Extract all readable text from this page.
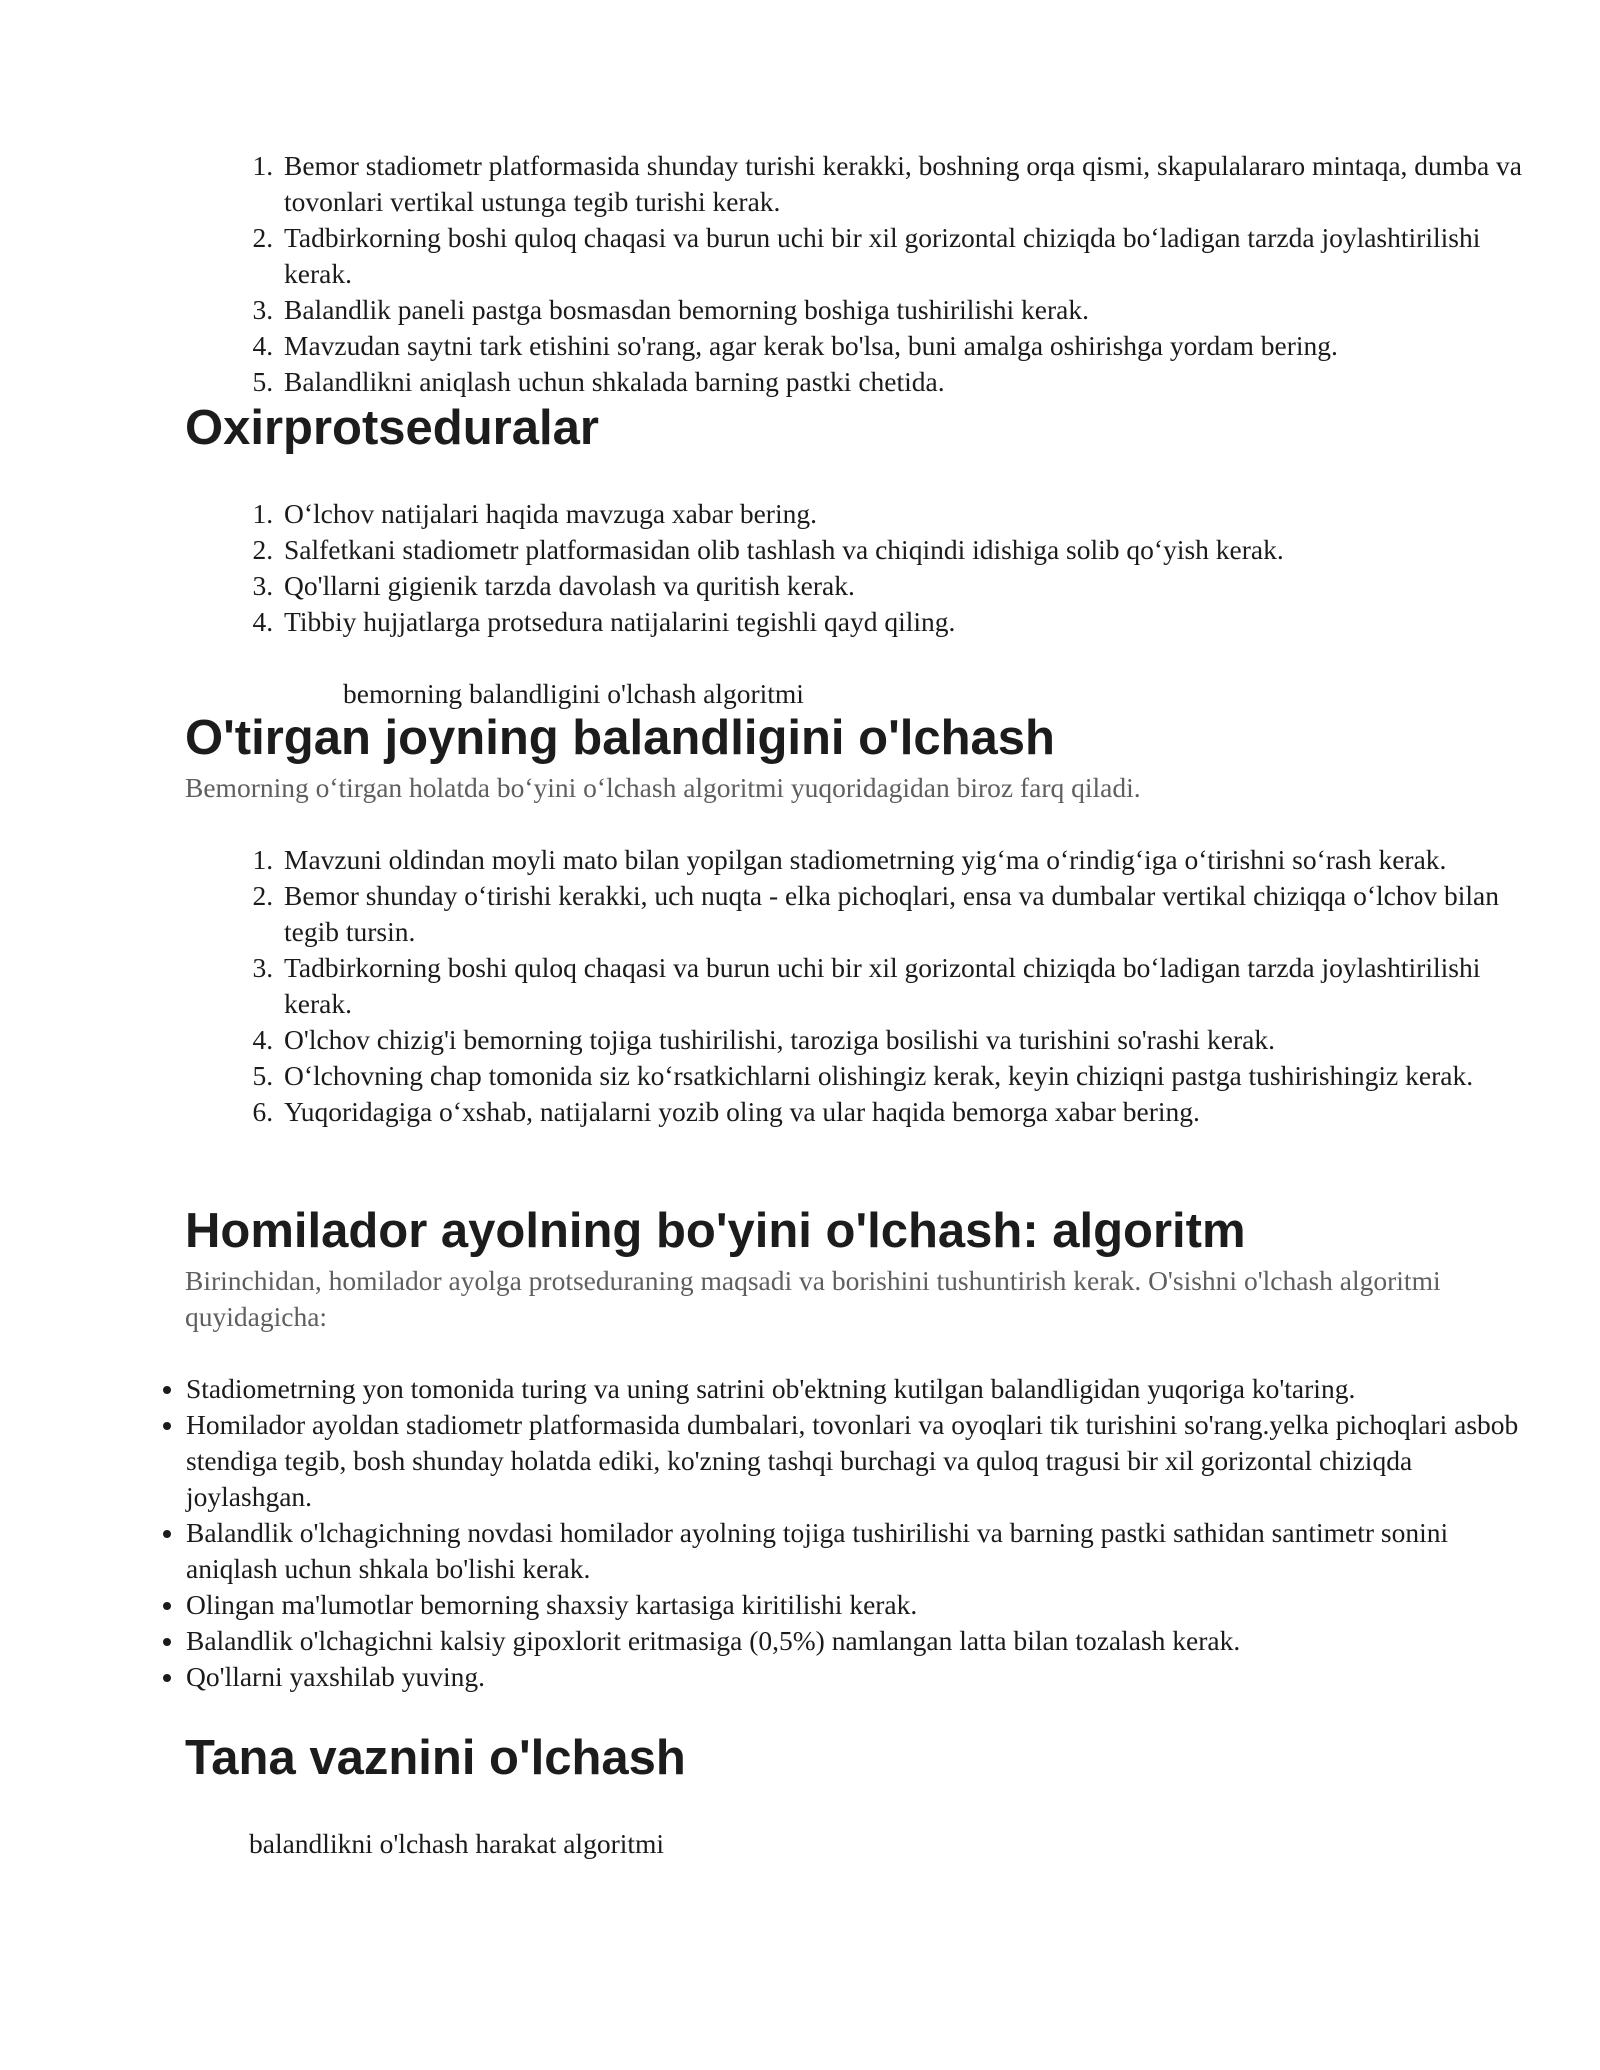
1. Bemor stadiometr platformasida shunday turishi kerakki, boshning orqa qismi, skapulalararo mintaqa, dumba va tovonlari vertikal ustunga tegib turishi kerak.
2. Tadbirkorning boshi quloq chaqasi va burun uchi bir xil gorizontal chiziqda boʻladigan tarzda joylashtirilishi kerak.
3. Balandlik paneli pastga bosmasdan bemorning boshiga tushirilishi kerak.
4. Mavzudan saytni tark etishini so'rang, agar kerak bo'lsa, buni amalga oshirishga yordam bering.
5. Balandlikni aniqlash uchun shkalada barning pastki chetida.
Oxirprotseduralar
1. Oʻlchov natijalari haqida mavzuga xabar bering.
2. Salfetkani stadiometr platformasidan olib tashlash va chiqindi idishiga solib qoʻyish kerak.
3. Qo'llarni gigienik tarzda davolash va quritish kerak.
4. Tibbiy hujjatlarga protsedura natijalarini tegishli qayd qiling.

bemorning balandligini o'lchash algoritmi

O'tirgan joyning balandligini o'lchash

Bemorning oʻtirgan holatda boʻyini oʻlchash algoritmi yuqoridagidan biroz farq qiladi.

1. Mavzuni oldindan moyli mato bilan yopilgan stadiometrning yigʻma oʻrindigʻiga oʻtirishni soʻrash kerak.
2. Bemor shunday oʻtirishi kerakki, uch nuqta - elka pichoqlari, ensa va dumbalar vertikal chiziqqa oʻlchov bilan tegib tursin.
3. Tadbirkorning boshi quloq chaqasi va burun uchi bir xil gorizontal chiziqda boʻladigan tarzda joylashtirilishi kerak.
4. O'lchov chizig'i bemorning tojiga tushirilishi, taroziga bosilishi va turishini so'rashi kerak.
5. Oʻlchovning chap tomonida siz koʻrsatkichlarni olishingiz kerak, keyin chiziqni pastga tushirishingiz kerak.
6. Yuqoridagiga oʻxshab, natijalarni yozib oling va ular haqida bemorga xabar bering.
Homilador ayolning bo'yini o'lchash: algoritm

Birinchidan, homilador ayolga protseduraning maqsadi va borishini tushuntirish kerak. O'sishni o'lchash algoritmi quyidagicha:

• Stadiometrning yon tomonida turing va uning satrini ob'ektning kutilgan balandligidan yuqoriga ko'taring.
• Homilador ayoldan stadiometr platformasida dumbalari, tovonlari va oyoqlari tik turishini so'rang.yelka pichoqlari asbob stendiga tegib, bosh shunday holatda ediki, ko'zning tashqi burchagi va quloq tragusi bir xil gorizontal chiziqda joylashgan.
• Balandlik o'lchagichning novdasi homilador ayolning tojiga tushirilishi va barning pastki sathidan santimetr sonini aniqlash uchun shkala bo'lishi kerak.
• Olingan ma'lumotlar bemorning shaxsiy kartasiga kiritilishi kerak.
• Balandlik o'lchagichni kalsiy gipoxlorit eritmasiga (0,5%) namlangan latta bilan tozalash kerak.
• Qo'llarni yaxshilab yuving.
Tana vaznini o'lchash

balandlikni o'lchash harakat algoritmi
